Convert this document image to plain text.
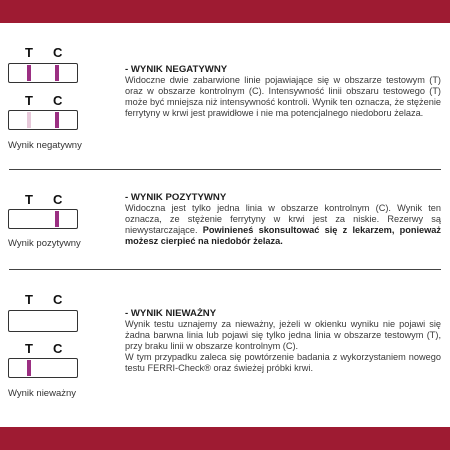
T C
T C
Wynik negatywny
- WYNIK NEGATYWNY
Widoczne dwie zabarwione linie pojawiające się w obszarze testowym (T) oraz w obszarze kontrolnym (C). Intensywność linii obszaru testowego (T) może być mniejsza niż intensywność kontroli. Wynik ten oznacza, że stężenie ferrytyny w krwi jest prawidłowe i nie ma potencjalnego niedoboru żelaza.
T C
Wynik pozytywny
- WYNIK POZYTYWNY
Widoczna jest tylko jedna linia w obszarze kontrolnym (C). Wynik ten oznacza, ze stężenie ferrytyny w krwi jest za niskie. Rezerwy są niewystarczające. Powinieneś skonsultować się z lekarzem, ponieważ możesz cierpieć na niedobór żelaza.
T C
T C
Wynik nieważny
- WYNIK NIEWAŻNY
Wynik testu uznajemy za nieważny, jeżeli w okienku wyniku nie pojawi się żadna barwna linia lub pojawi się tylko jedna linia w obszarze testowym (T), przy braku linii w obszarze kontrolnym (C).
W tym przypadku zaleca się powtórzenie badania z wykorzystaniem nowego testu FERRI-Check® oraz świeżej próbki krwi.
